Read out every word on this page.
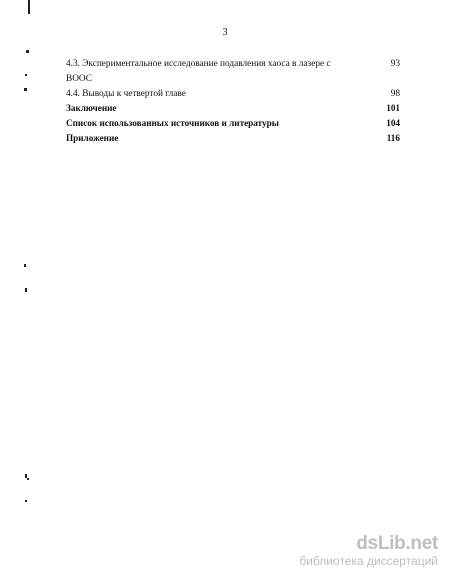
3
4.3. Экспериментальное исследование подавления хаоса в лазере с	93
ВООС
4.4. Выводы к четвертой главе	98
Заключение	101
Список использованных источников и литературы	104
Приложение	116
dsLib.net
библиотека диссертаций
